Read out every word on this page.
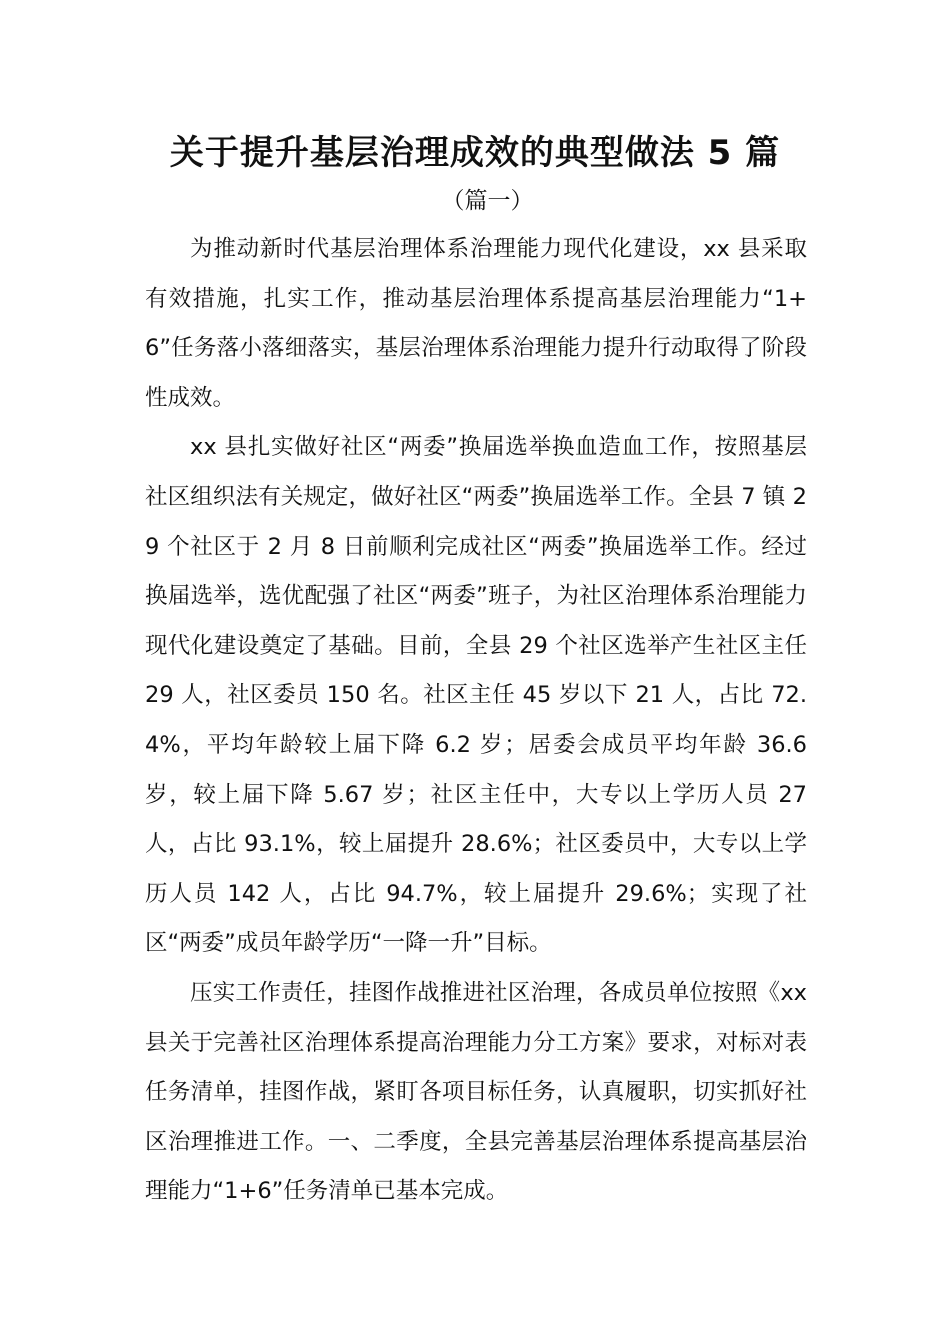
关于提升基层治理成效的典型做法 5 篇
（篇一）

为推动新时代基层治理体系治理能力现代化建设，xx 县采取有效措施，扎实工作，推动基层治理体系提高基层治理能力“1+6”任务落小落细落实，基层治理体系治理能力提升行动取得了阶段性成效。

xx 县扎实做好社区“两委”换届选举换血造血工作，按照基层社区组织法有关规定，做好社区“两委”换届选举工作。全县 7 镇 29 个社区于 2 月 8 日前顺利完成社区“两委”换届选举工作。经过换届选举，选优配强了社区“两委”班子，为社区治理体系治理能力现代化建设奠定了基础。目前，全县 29 个社区选举产生社区主任 29 人，社区委员 150 名。社区主任 45 岁以下 21 人，占比 72.4%，平均年龄较上届下降 6.2 岁；居委会成员平均年龄 36.6 岁，较上届下降 5.67 岁；社区主任中，大专以上学历人员 27 人，占比 93.1%，较上届提升 28.6%；社区委员中，大专以上学历人员 142 人，占比 94.7%，较上届提升 29.6%；实现了社区“两委”成员年龄学历“一降一升”目标。

压实工作责任，挂图作战推进社区治理，各成员单位按照《xx 县关于完善社区治理体系提高治理能力分工方案》要求，对标对表任务清单，挂图作战，紧盯各项目标任务，认真履职，切实抓好社区治理推进工作。一、二季度，全县完善基层治理体系提高基层治理能力“1+6”任务清单已基本完成。
